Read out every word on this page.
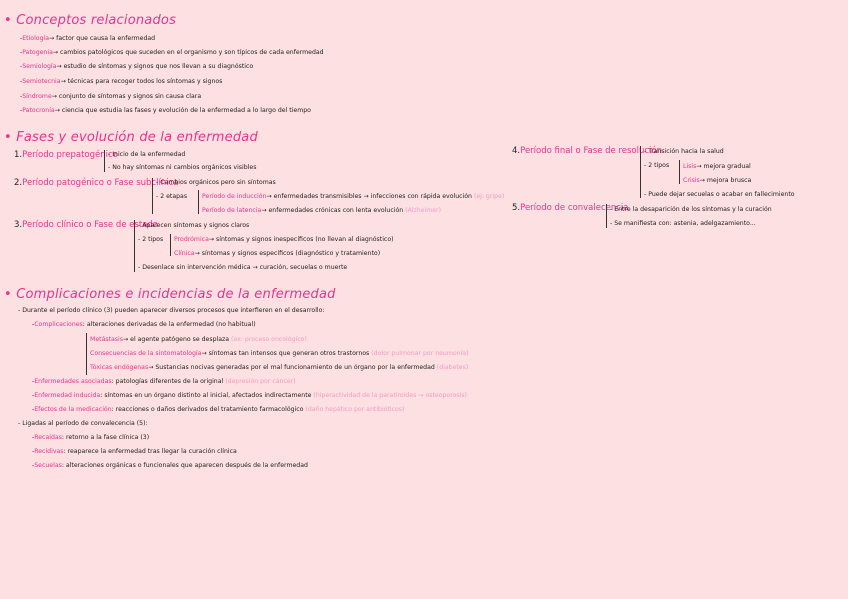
• Conceptos relacionados
-Etiología→ factor que causa la enfermedad
-Patogenia→ cambios patológicos que suceden en el organismo y son típicos de cada enfermedad
-Semiología→ estudio de síntomas y signos que nos llevan a su diagnóstico
-Semiotecnia→ técnicas para recoger todos los síntomas y signos
-Síndrome→ conjunto de síntomas y signos sin causa clara
-Patocronía→ ciencia que estudia las fases y evolución de la enfermedad a lo largo del tiempo
• Fases y evolución de la enfermedad
1.Período prepatogénico
- Inicio de la enfermedad
- No hay síntomas ni cambios orgánicos visibles
2.Período patogénico o Fase subclínica
- Cambios orgánicos pero sin síntomas
- 2 etapas Período de inducción→ enfermedades transmisibles → infecciones con rápida evolución (ej: gripe)
Período de latencia→ enfermedades crónicas con lenta evolución (Alzheimer)
3.Período clínico o Fase de estado
- Aparecen síntomas y signos claros
- 2 tipos Prodrómica→ síntomas y signos inespecíficos (no llevan al diagnóstico)
Clínica→ síntomas y signos específicos (diagnóstico y tratamiento)
- Desenlace sin intervención médica → curación, secuelas o muerte
4.Período final o Fase de resolución
- Transición hacia la salud
- 2 tipos Lisis→ mejora gradual
Crisis→ mejora brusca
- Puede dejar secuelas o acabar en fallecimiento
5.Período de convalecencia
- Entre la desaparición de los síntomas y la curación
- Se manifiesta con: astenia, adelgazamiento...
• Complicaciones e incidencias de la enfermedad
- Durante el período clínico (3) pueden aparecer diversos procesos que interfieren en el desarrollo:
-Complicaciones: alteraciones derivadas de la enfermedad (no habitual)
Metástasis→ el agente patógeno se desplaza (ex: proceso oncológico)
Consecuencias de la sintomatología→ síntomas tan intensos que generan otros trastornos (dolor pulmonar por neumonía)
Tóxicas endógenas→ Sustancias nocivas generadas por el mal funcionamiento de un órgano por la enfermedad (diabetes)
-Enfermedades asociadas: patologías diferentes de la original (depresión por cáncer)
-Enfermedad inducida: síntomas en un órgano distinto al inicial, afectados indirectamente (hiperactividad de la paratiroides → osteoporosis)
-Efectos de la medicación: reacciones o daños derivados del tratamiento farmacológico (daño hepático por antibióticos)
- Ligadas al período de convalecencia (5):
-Recaídas: retorno a la fase clínica (3)
-Recidivas: reaparece la enfermedad tras llegar la curación clínica
-Secuelas: alteraciones orgánicas o funcionales que aparecen después de la enfermedad
